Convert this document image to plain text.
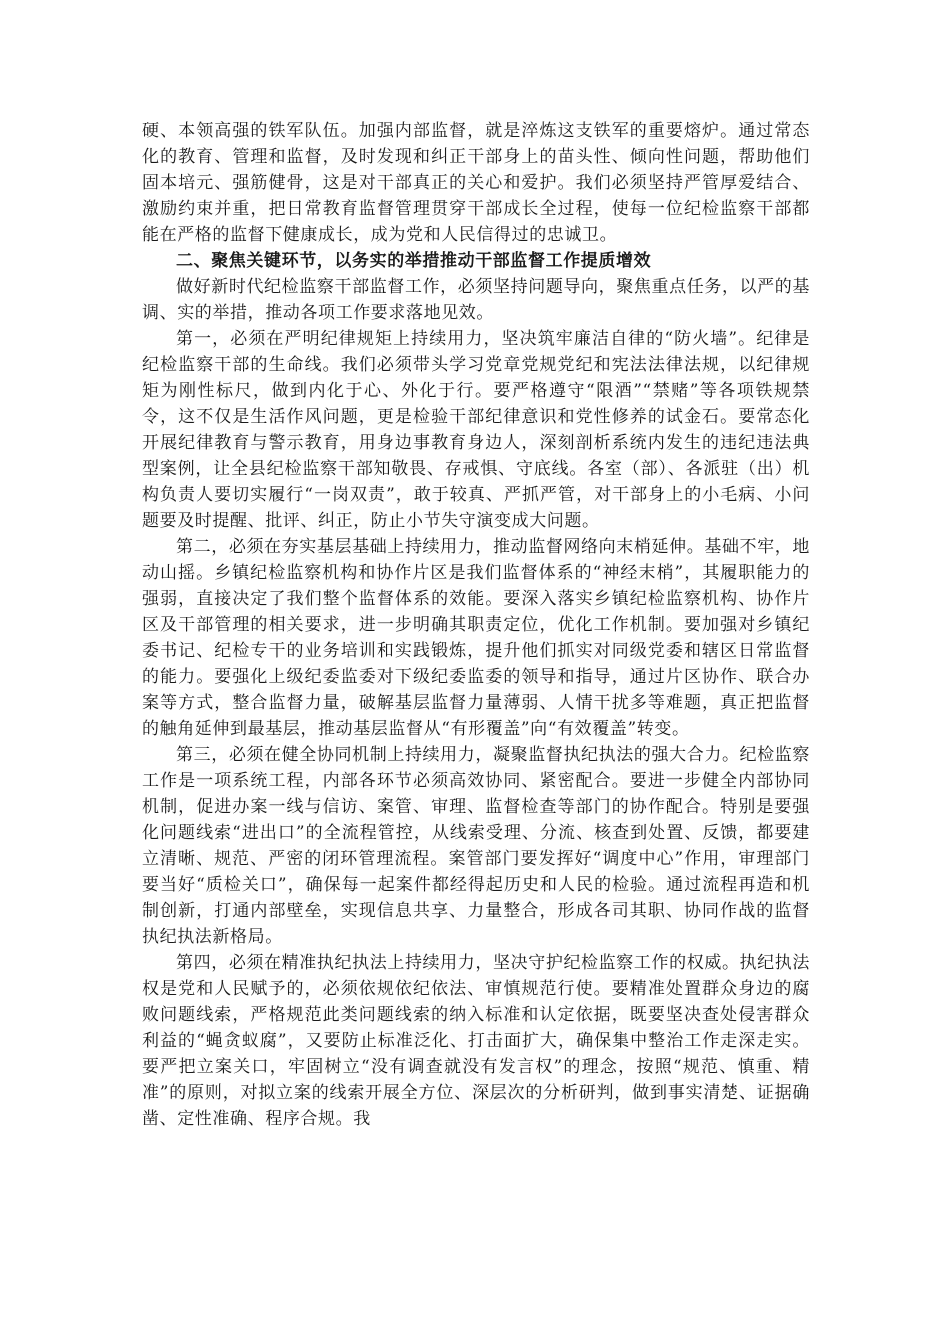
硬、本领高强的铁军队伍。加强内部监督，就是淬炼这支铁军的重要熔炉。通过常态化的教育、管理和监督，及时发现和纠正干部身上的苗头性、倾向性问题，帮助他们固本培元、强筋健骨，这是对干部真正的关心和爱护。我们必须坚持严管厚爱结合、激励约束并重，把日常教育监督管理贯穿干部成长全过程，使每一位纪检监察干部都能在严格的监督下健康成长，成为党和人民信得过的忠诚卫。

二、聚焦关键环节，以务实的举措推动干部监督工作提质增效

做好新时代纪检监察干部监督工作，必须坚持问题导向，聚焦重点任务，以严的基调、实的举措，推动各项工作要求落地见效。

第一，必须在严明纪律规矩上持续用力，坚决筑牢廉洁自律的“防火墙”。纪律是纪检监察干部的生命线。我们必须带头学习党章党规党纪和宪法法律法规，以纪律规矩为刚性标尺，做到内化于心、外化于行。要严格遵守“限酒”“禁赌”等各项铁规禁令，这不仅是生活作风问题，更是检验干部纪律意识和党性修养的试金石。要常态化开展纪律教育与警示教育，用身边事教育身边人，深刻剖析系统内发生的违纪违法典型案例，让全县纪检监察干部知敬畏、存戒惧、守底线。各室（部）、各派驻（出）机构负责人要切实履行“一岗双责”，敢于较真、严抓严管，对干部身上的小毛病、小问题要及时提醒、批评、纠正，防止小节失守演变成大问题。

第二，必须在夯实基层基础上持续用力，推动监督网络向末梢延伸。基础不牢，地动山摇。乡镇纪检监察机构和协作片区是我们监督体系的“神经末梢”，其履职能力的强弱，直接决定了我们整个监督体系的效能。要深入落实乡镇纪检监察机构、协作片区及干部管理的相关要求，进一步明确其职责定位，优化工作机制。要加强对乡镇纪委书记、纪检专干的业务培训和实践锻炼，提升他们抓实对同级党委和辖区日常监督的能力。要强化上级纪委监委对下级纪委监委的领导和指导，通过片区协作、联合办案等方式，整合监督力量，破解基层监督力量薄弱、人情干扰多等难题，真正把监督的触角延伸到最基层，推动基层监督从“有形覆盖”向“有效覆盖”转变。

第三，必须在健全协同机制上持续用力，凝聚监督执纪执法的强大合力。纪检监察工作是一项系统工程，内部各环节必须高效协同、紧密配合。要进一步健全内部协同机制，促进办案一线与信访、案管、审理、监督检查等部门的协作配合。特别是要强化问题线索“进出口”的全流程管控，从线索受理、分流、核查到处置、反馈，都要建立清晰、规范、严密的闭环管理流程。案管部门要发挥好“调度中心”作用，审理部门要当好“质检关口”，确保每一起案件都经得起历史和人民的检验。通过流程再造和机制创新，打通内部壁垒，实现信息共享、力量整合，形成各司其职、协同作战的监督执纪执法新格局。

第四，必须在精准执纪执法上持续用力，坚决守护纪检监察工作的权威。执纪执法权是党和人民赋予的，必须依规依纪依法、审慎规范行使。要精准处置群众身边的腐败问题线索，严格规范此类问题线索的纳入标准和认定依据，既要坚决查处侵害群众利益的“蝇贪蚁腐”，又要防止标准泛化、打击面扩大，确保集中整治工作走深走实。要严把立案关口，牢固树立“没有调查就没有发言权”的理念，按照“规范、慎重、精准”的原则，对拟立案的线索开展全方位、深层次的分析研判，做到事实清楚、证据确凿、定性准确、程序合规。我
